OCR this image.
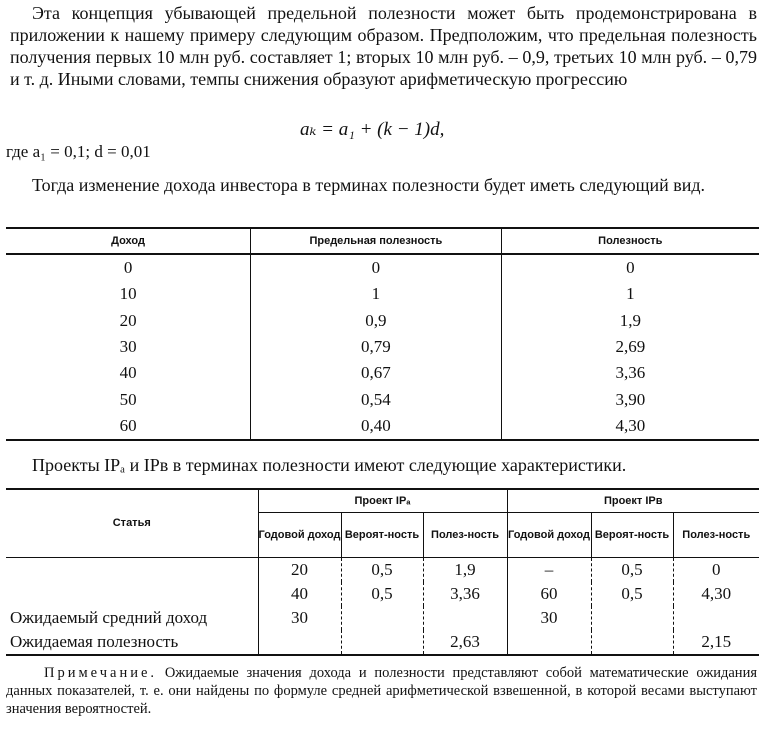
Эта концепция убывающей предельной полезности может быть продемонстрирована в приложении к нашему примеру следующим образом. Предположим, что предельная полезность получения первых 10 млн руб. составляет 1; вторых 10 млн руб. – 0,9, третьих 10 млн руб. – 0,79 и т. д. Иными словами, темпы снижения образуют арифметическую прогрессию
aₖ = a₁ + (k − 1)d,
где a₁ = 0,1; d = 0,01
Тогда изменение дохода инвестора в терминах полезности будет иметь следующий вид.
Доход	Предельная полезность	Полезность
0	0	0
10	1	1
20	0,9	1,9
30	0,79	2,69
40	0,67	3,36
50	0,54	3,90
60	0,40	4,30
Проекты IPₐ и IPʙ в терминах полезности имеют следующие характеристики.
Статья	Проект IPₐ			Проект IPʙ		
	Годовой доход	Вероят-ность	Полез-ность	Годовой доход	Вероят-ность	Полез-ность
	20	0,5	1,9	–	0,5	0
	40	0,5	3,36	60	0,5	4,30
Ожидаемый средний доход	30			30		
Ожидаемая полезность			2,63			2,15
Примечание. Ожидаемые значения дохода и полезности представляют собой математические ожидания данных показателей, т. е. они найдены по формуле средней арифметической взвешенной, в которой весами выступают значения вероятностей.
